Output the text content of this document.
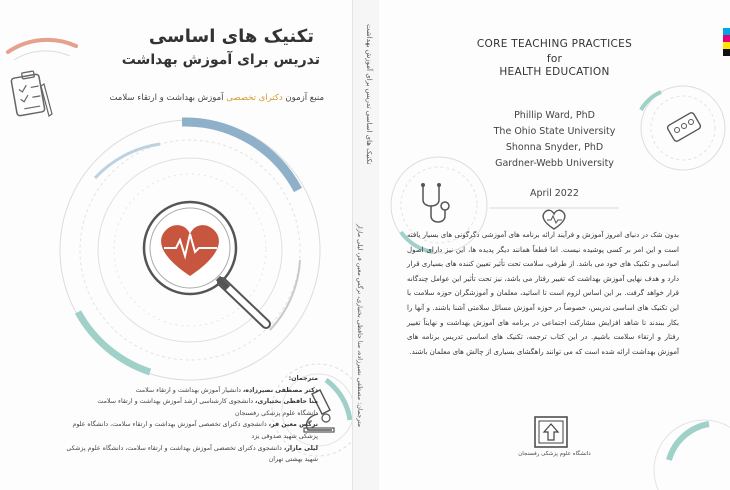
تکنیک های اساسی
تدریس برای آموزش بهداشت
منبع آزمون دکترای تخصصی آموزش بهداشت و ارتقاء سلامت
مترجمان:
دکتر مصطفی نصیرزاده، دانشیار آموزش بهداشت و ارتقاء سلامت
منا حافظی بختیاری، دانشجوی کارشناسی ارشد آموزش بهداشت و ارتقاء سلامت
دانشگاه علوم پزشکی رفسنجان
نرگس معین فر، دانشجوی دکترای تخصصی آموزش بهداشت و ارتقاء سلامت، دانشگاه علوم پزشکی شهید صدوقی یزد
لیلی مازار، دانشجوی دکترای تخصصی آموزش بهداشت و ارتقاء سلامت، دانشگاه علوم پزشکی شهید بهشتی تهران
تکنیک های اساسی تدریس برای آموزش بهداشت
مترجمان: مصطفی نصیرزاده، منا حافظی بختیاری، نرگس معین فر، لیلی مازار
CORE TEACHING PRACTICES
for
HEALTH EDUCATION
Phillip Ward, PhD
The Ohio State University
Shonna Snyder, PhD
Gardner-Webb University
April 2022
بدون شک در دنیای امروز آموزش و فرآیند ارائه برنامه های آموزشی دگرگونی های بسیار یافته است و این امر بر کسی پوشیده نیست. اما قطعاً همانند دیگر پدیده ها، این نیز دارای اصول اساسی و تکنیک های خود می باشد. از طرفی، سلامت تحت تأثیر تعیین کننده های بسیاری قرار دارد و هدف نهایی آموزش بهداشت که تغییر رفتار می باشد، نیز تحت تأثیر این عوامل چندگانه قرار خواهد گرفت. بر این اساس لزوم است تا اساتید، معلمان و آموزشگران حوزه سلامت با این تکنیک های اساسی تدریس، خصوصاً در حوزه آموزش مسائل سلامتی آشنا باشند. و آنها را بکار ببندند تا شاهد افزایش مشارکت اجتماعی در برنامه های آموزش بهداشت و نهایتاً تغییر رفتار و ارتقاء سلامت باشیم. در این کتاب ترجمه، تکنیک های اساسی تدریس برنامه های آموزش بهداشت ارائه شده است که می توانند راهگشای بسیاری از چالش های معلمان باشند.
دانشگاه علوم پزشکی رفسنجان
